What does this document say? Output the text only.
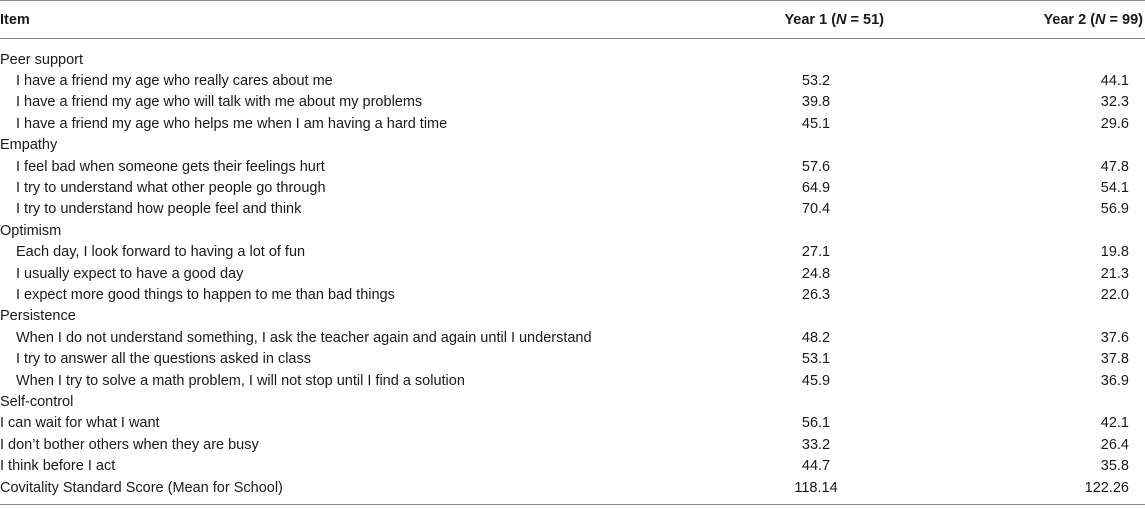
Item	Year 1 (N = 51)	Year 2 (N = 99)
Peer support
I have a friend my age who really cares about me	53.2	44.1
I have a friend my age who will talk with me about my problems	39.8	32.3
I have a friend my age who helps me when I am having a hard time	45.1	29.6
Empathy
I feel bad when someone gets their feelings hurt	57.6	47.8
I try to understand what other people go through	64.9	54.1
I try to understand how people feel and think	70.4	56.9
Optimism
Each day, I look forward to having a lot of fun	27.1	19.8
I usually expect to have a good day	24.8	21.3
I expect more good things to happen to me than bad things	26.3	22.0
Persistence
When I do not understand something, I ask the teacher again and again until I understand	48.2	37.6
I try to answer all the questions asked in class	53.1	37.8
When I try to solve a math problem, I will not stop until I find a solution	45.9	36.9
Self-control
I can wait for what I want	56.1	42.1
I don’t bother others when they are busy	33.2	26.4
I think before I act	44.7	35.8
Covitality Standard Score (Mean for School)	118.14	122.26
